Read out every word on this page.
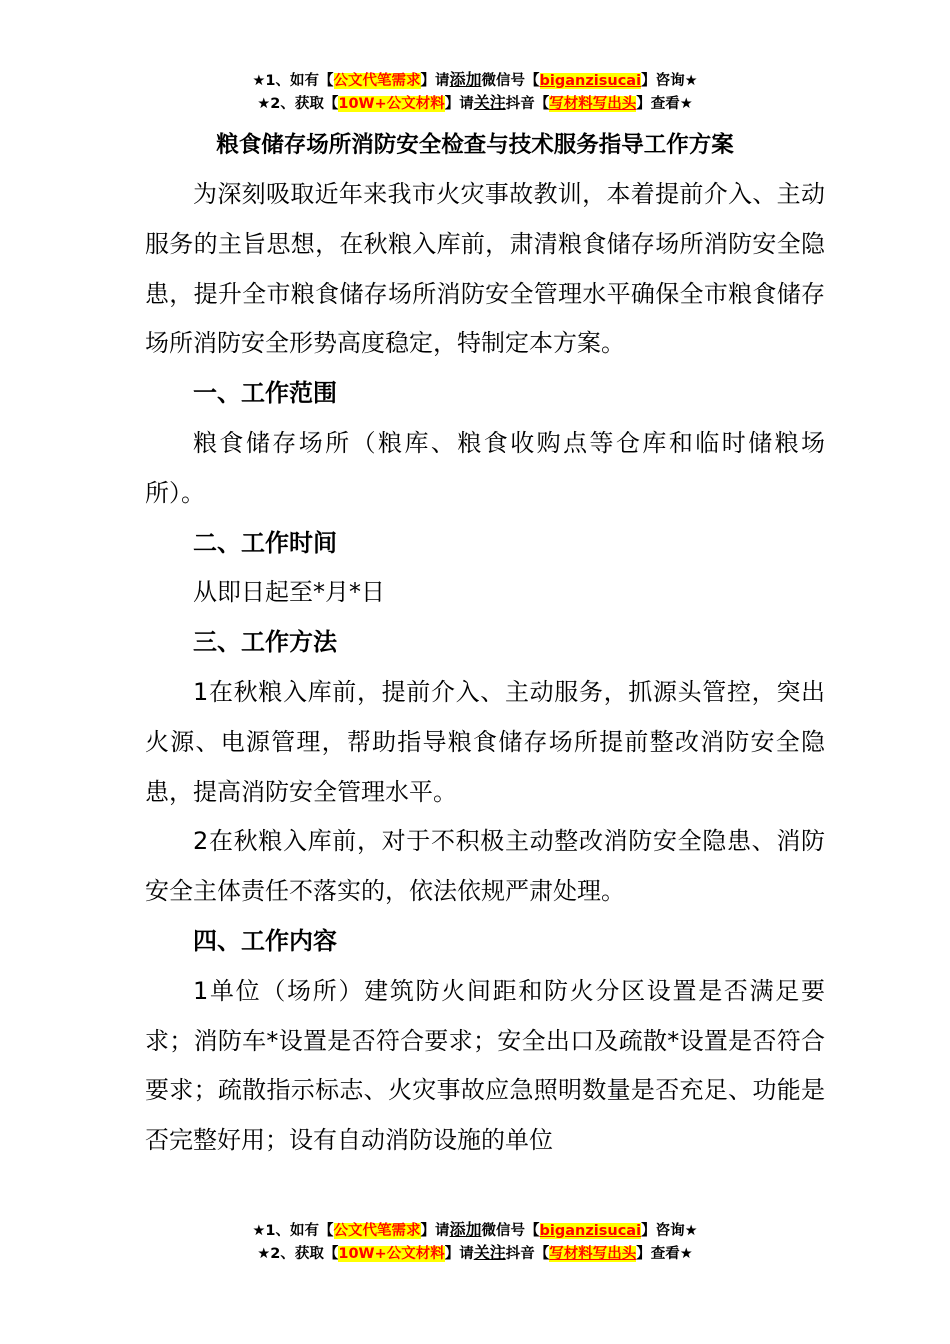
★1、如有【公文代笔需求】请添加微信号【biganzisucai】咨询★
★2、获取【10W+公文材料】请关注抖音【写材料写出头】查看★
粮食储存场所消防安全检查与技术服务指导工作方案

为深刻吸取近年来我市火灾事故教训，本着提前介入、主动服务的主旨思想，在秋粮入库前，肃清粮食储存场所消防安全隐患，提升全市粮食储存场所消防安全管理水平确保全市粮食储存场所消防安全形势高度稳定，特制定本方案。

一、工作范围

粮食储存场所（粮库、粮食收购点等仓库和临时储粮场所）。

二、工作时间

从即日起至*月*日

三、工作方法

1在秋粮入库前，提前介入、主动服务，抓源头管控，突出火源、电源管理，帮助指导粮食储存场所提前整改消防安全隐患，提高消防安全管理水平。

2在秋粮入库前，对于不积极主动整改消防安全隐患、消防安全主体责任不落实的，依法依规严肃处理。

四、工作内容

1单位（场所）建筑防火间距和防火分区设置是否满足要求；消防车*设置是否符合要求；安全出口及疏散*设置是否符合要求；疏散指示标志、火灾事故应急照明数量是否充足、功能是否完整好用；设有自动消防设施的单位

★1、如有【公文代笔需求】请添加微信号【biganzisucai】咨询★
★2、获取【10W+公文材料】请关注抖音【写材料写出头】查看★
